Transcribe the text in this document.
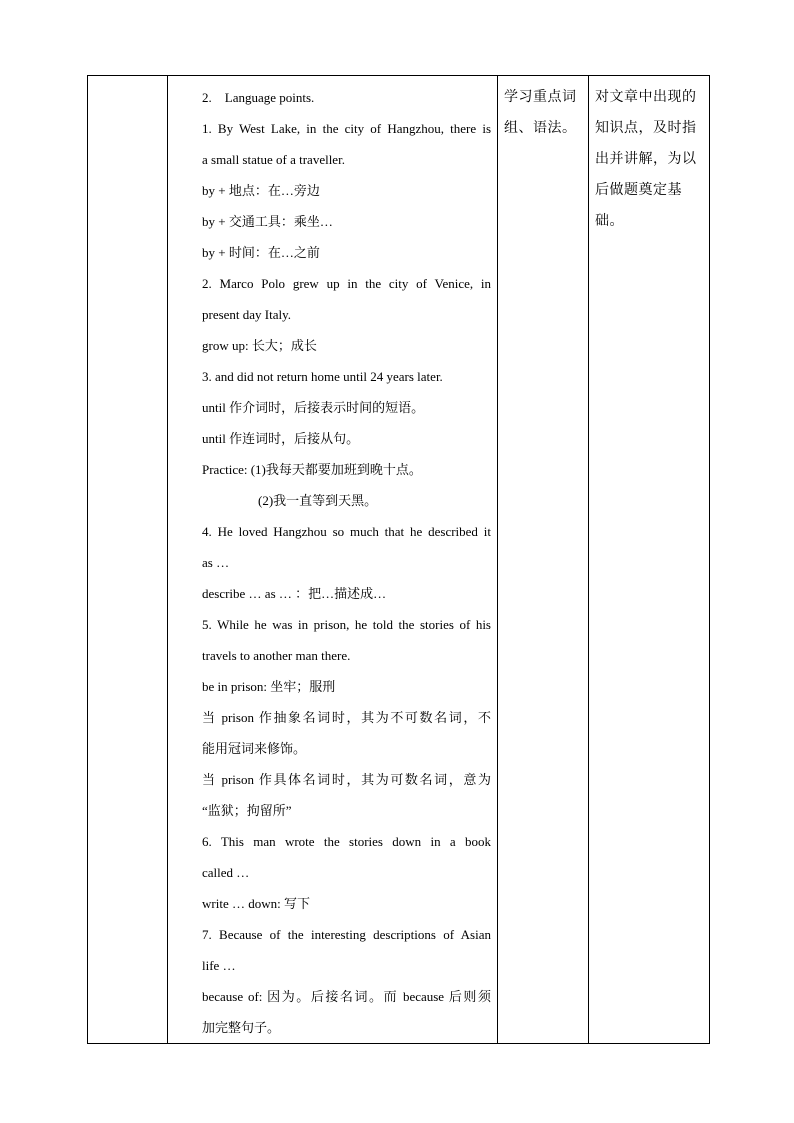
2. Language points.
1. By West Lake, in the city of Hangzhou, there is
a small statue of a traveller.
by + 地点：在…旁边
by + 交通工具：乘坐…
by + 时间：在…之前
2. Marco Polo grew up in the city of Venice, in
present day Italy.
grow up: 长大；成长
3. and did not return home until 24 years later.
until 作介词时，后接表示时间的短语。
until 作连词时，后接从句。
Practice: (1)我每天都要加班到晚十点。
(2)我一直等到天黑。
4. He loved Hangzhou so much that he described it
as …
describe … as … ：把…描述成…
5. While he was in prison, he told the stories of his
travels to another man there.
be in prison: 坐牢；服刑
当 prison 作抽象名词时，其为不可数名词，不
能用冠词来修饰。
当 prison 作具体名词时，其为可数名词，意为
“监狱；拘留所”
6. This man wrote the stories down in a book
called …
write … down: 写下
7. Because of the interesting descriptions of Asian
life …
because of: 因为。后接名词。而 because 后则须
加完整句子。

学习重点词组、语法。

对文章中出现的知识点，及时指出并讲解，为以后做题奠定基础。
